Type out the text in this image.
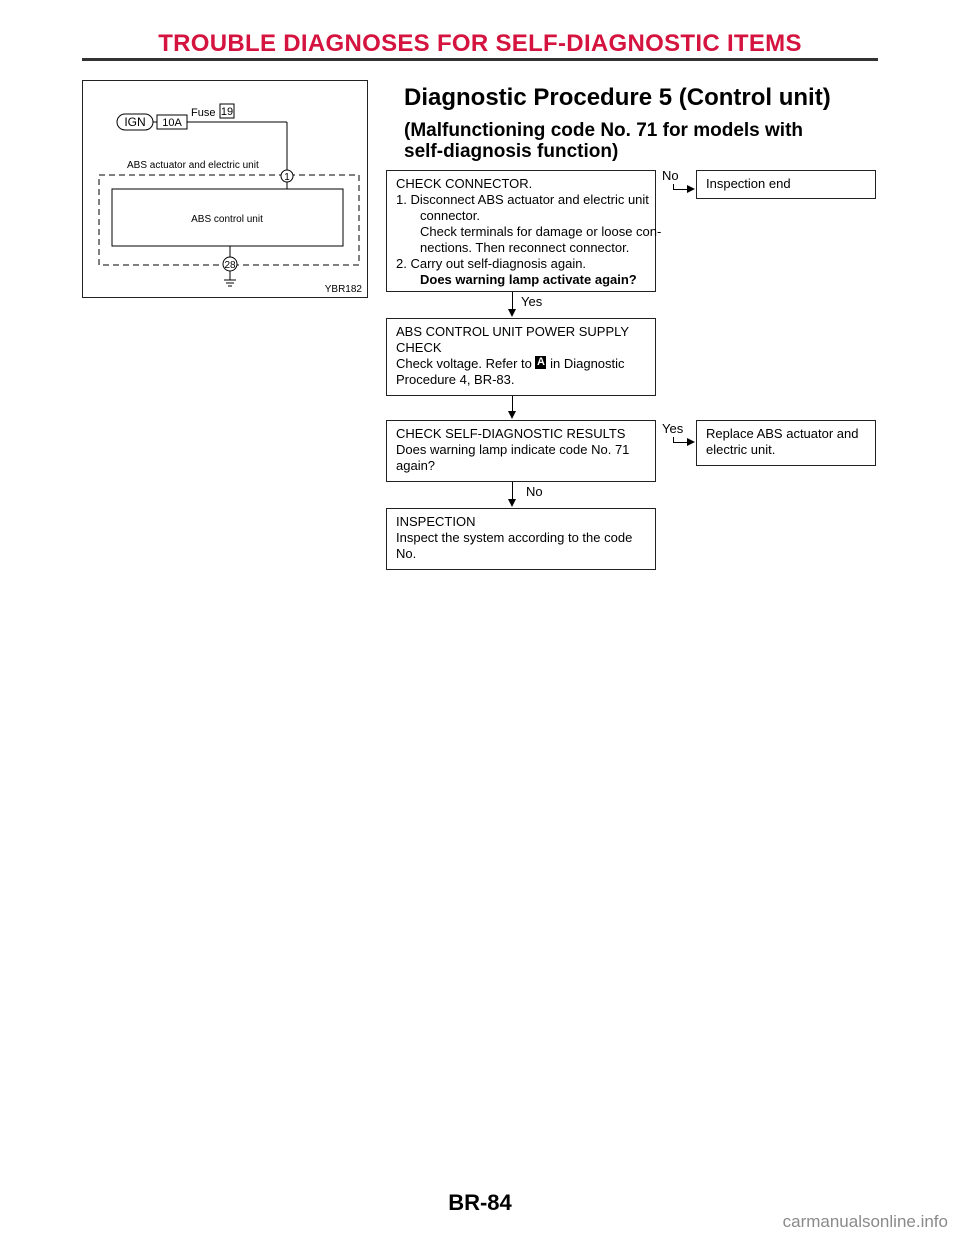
TROUBLE DIAGNOSES FOR SELF-DIAGNOSTIC ITEMS
IGN 10A
Fuse 19
ABS actuator and electric unit
1
ABS control unit
28
YBR182
Diagnostic Procedure 5 (Control unit)
(Malfunctioning code No. 71 for models with
self-diagnosis function)
CHECK CONNECTOR.
1. Disconnect ABS actuator and electric unit
connector.
Check terminals for damage or loose con-
nections. Then reconnect connector.
2. Carry out self-diagnosis again.
Does warning lamp activate again?
No
Inspection end
Yes
ABS CONTROL UNIT POWER SUPPLY
CHECK
Check voltage. Refer to A in Diagnostic
Procedure 4, BR-83.
CHECK SELF-DIAGNOSTIC RESULTS
Does warning lamp indicate code No. 71
again?
Yes Replace ABS actuator and
electric unit.
No
INSPECTION
Inspect the system according to the code
No.
BR-84
carmanualsonline.info
